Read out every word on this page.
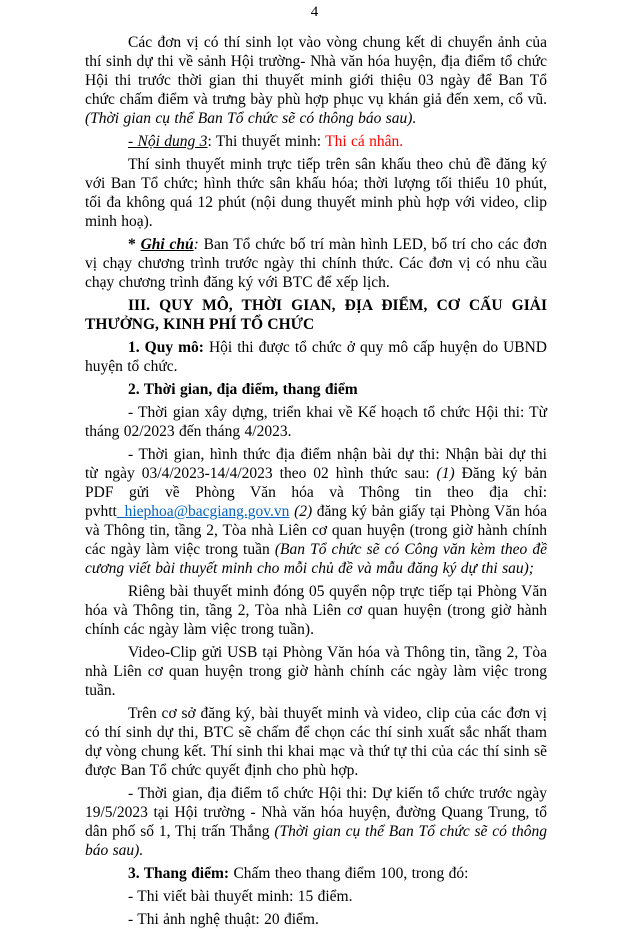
4

Các đơn vị có thí sinh lọt vào vòng chung kết di chuyển ảnh của thí sinh dự thi về sảnh Hội trường- Nhà văn hóa huyện, địa điểm tổ chức Hội thi trước thời gian thi thuyết minh giới thiệu 03 ngày để Ban Tổ chức chấm điểm và trưng bày phù hợp phục vụ khán giả đến xem, cổ vũ. (Thời gian cụ thể Ban Tổ chức sẽ có thông báo sau).

- Nội dung 3: Thi thuyết minh: Thi cá nhân.

Thí sinh thuyết minh trực tiếp trên sân khấu theo chủ đề đăng ký với Ban Tổ chức; hình thức sân khấu hóa; thời lượng tối thiểu 10 phút, tối đa không quá 12 phút (nội dung thuyết minh phù hợp với video, clip minh hoạ).

* Ghi chú: Ban Tổ chức bố trí màn hình LED, bố trí cho các đơn vị chạy chương trình trước ngày thi chính thức. Các đơn vị có nhu cầu chạy chương trình đăng ký với BTC để xếp lịch.

III. QUY MÔ, THỜI GIAN, ĐỊA ĐIỂM, CƠ CẤU GIẢI THƯỞNG, KINH PHÍ TỔ CHỨC

1. Quy mô: Hội thi được tổ chức ở quy mô cấp huyện do UBND huyện tổ chức.

2. Thời gian, địa điểm, thang điểm

- Thời gian xây dựng, triển khai về Kế hoạch tổ chức Hội thi: Từ tháng 02/2023 đến tháng 4/2023.

- Thời gian, hình thức địa điểm nhận bài dự thi: Nhận bài dự thi từ ngày 03/4/2023-14/4/2023 theo 02 hình thức sau: (1) Đăng ký bản PDF gửi về Phòng Văn hóa và Thông tin theo địa chỉ: pvhtt_hiephoa@bacgiang.gov.vn (2) đăng ký bản giấy tại Phòng Văn hóa và Thông tin, tầng 2, Tòa nhà Liên cơ quan huyện (trong giờ hành chính các ngày làm việc trong tuần (Ban Tổ chức sẽ có Công văn kèm theo đề cương viết bài thuyết minh cho mỗi chủ đề và mẫu đăng ký dự thi sau);

Riêng bài thuyết minh đóng 05 quyển nộp trực tiếp tại Phòng Văn hóa và Thông tin, tầng 2, Tòa nhà Liên cơ quan huyện (trong giờ hành chính các ngày làm việc trong tuần).

Video-Clip gửi USB tại Phòng Văn hóa và Thông tin, tầng 2, Tòa nhà Liên cơ quan huyện trong giờ hành chính các ngày làm việc trong tuần.

Trên cơ sở đăng ký, bài thuyết minh và video, clip của các đơn vị có thí sinh dự thi, BTC sẽ chấm để chọn các thí sinh xuất sắc nhất tham dự vòng chung kết. Thí sinh thi khai mạc và thứ tự thi của các thí sinh sẽ được Ban Tổ chức quyết định cho phù hợp.

- Thời gian, địa điểm tổ chức Hội thi: Dự kiến tổ chức trước ngày 19/5/2023 tại Hội trường - Nhà văn hóa huyện, đường Quang Trung, tổ dân phố số 1, Thị trấn Thắng (Thời gian cụ thể Ban Tổ chức sẽ có thông báo sau).

3. Thang điểm: Chấm theo thang điểm 100, trong đó:

- Thi viết bài thuyết minh: 15 điểm.

- Thi ảnh nghệ thuật: 20 điểm.
